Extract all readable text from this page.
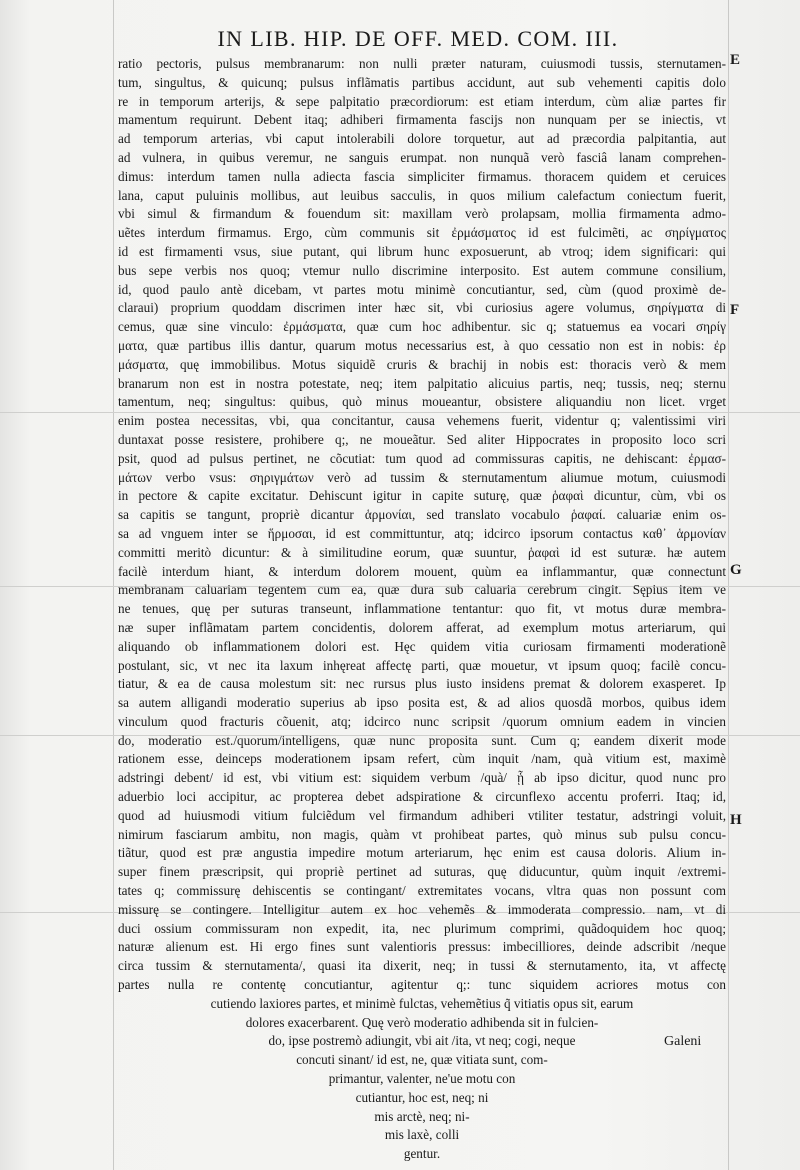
IN LIB. HIP. DE OFF. MED. COM. III.
E
F
G
H
ratio pectoris, pulsus membranarum: non nulli præter naturam, cuiusmodi tussis, sternutamen-
tum, singultus, & quicunq; pulsus inflãmatis partibus accidunt, aut sub vehementi capitis dolo
re in temporum arterijs, & sepe palpitatio præcordiorum: est etiam interdum, cùm aliæ partes fir
mamentum requirunt. Debent itaq; adhiberi firmamenta fascijs non nunquam per se iniectis, vt
ad temporum arterias, vbi caput intolerabili dolore torquetur, aut ad præcordia palpitantia, aut
ad vulnera, in quibus veremur, ne sanguis erumpat. non nunquã verò fasciâ lanam comprehen-
dimus: interdum tamen nulla adiecta fascia simpliciter firmamus. thoracem quidem et ceruices
lana, caput puluinis mollibus, aut leuibus sacculis, in quos milium calefactum coniectum fuerit,
vbi simul & firmandum & fouendum sit: maxillam verò prolapsam, mollia firmamenta admo-
uẽtes interdum firmamus. Ergo, cùm communis sit ἐρμάσματος id est fulcimẽti, ac σηρίγματος
id est firmamenti vsus, siue putant, qui librum hunc exposuerunt, ab vtroq; idem significari: qui
bus sepe verbis nos quoq; vtemur nullo discrimine interposito. Est autem commune consilium,
id, quod paulo antè dicebam, vt partes motu minimè concutiantur, sed, cùm (quod proximè de-
claraui) proprium quoddam discrimen inter hæc sit, vbi curiosius agere volumus, σηρίγματα di
cemus, quæ sine vinculo: ἐρμάσματα, quæ cum hoc adhibentur. sic q; statuemus ea vocari σηρίγ
ματα, quæ partibus illis dantur, quarum motus necessarius est, à quo cessatio non est in nobis: ἐρ
μάσματα, quę immobilibus. Motus siquidẽ cruris & brachij in nobis est: thoracis verò & mem
branarum non est in nostra potestate, neq; item palpitatio alicuius partis, neq; tussis, neq; sternu
tamentum, neq; singultus: quibus, quò minus moueantur, obsistere aliquandiu non licet. vrget
enim postea necessitas, vbi, qua concitantur, causa vehemens fuerit, videntur q; valentissimi viri
duntaxat posse resistere, prohibere q;, ne moueãtur. Sed aliter Hippocrates in proposito loco scri
psit, quod ad pulsus pertinet, ne cõcutiat: tum quod ad commissuras capitis, ne dehiscant: ἐρμασ-
μάτων verbo vsus: σηριγμάτων verò ad tussim & sternutamentum aliumue motum, cuiusmodi
in pectore & capite excitatur. Dehiscunt igitur in capite suturę, quæ ῥαφαὶ dicuntur, cùm, vbi os
sa capitis se tangunt, propriè dicantur ἁρμονίαι, sed translato vocabulo ῥαφαί. caluariæ enim os-
sa ad vnguem inter se ἥρμοσαι, id est committuntur, atq; idcirco ipsorum contactus καθ᾽ ἁρμονίαν
committi meritò dicuntur: & à similitudine eorum, quæ suuntur, ῥαφαὶ id est suturæ. hæ autem
facilè interdum hiant, & interdum dolorem mouent, quùm ea inflammantur, quæ connectunt
membranam caluariam tegentem cum ea, quæ dura sub caluaria cerebrum cingit. Sępius item ve
ne tenues, quę per suturas transeunt, inflammatione tentantur: quo fit, vt motus duræ membra-
næ super inflãmatam partem concidentis, dolorem afferat, ad exemplum motus arteriarum, qui
aliquando ob inflammationem dolori est. Hęc quidem vitia curiosam firmamenti moderationẽ
postulant, sic, vt nec ita laxum inhęreat affectę parti, quæ mouetur, vt ipsum quoq; facilè concu-
tiatur, & ea de causa molestum sit: nec rursus plus iusto insidens premat & dolorem exasperet. Ip
sa autem alligandi moderatio superius ab ipso posita est, & ad alios quosdã morbos, quibus idem
vinculum quod fracturis cõuenit, atq; idcirco nunc scripsit /quorum omnium eadem in vincien
do, moderatio est./quorum/intelligens, quæ nunc proposita sunt. Cum q; eandem dixerit mode
rationem esse, deinceps moderationem ipsam refert, cùm inquit /nam, quà vitium est, maximè
adstringi debent/ id est, vbi vitium est: siquidem verbum /quà/ ᾗ ab ipso dicitur, quod nunc pro
aduerbio loci accipitur, ac propterea debet adspiratione & circunflexo accentu proferri. Itaq; id,
quod ad huiusmodi vitium fulciẽdum vel firmandum adhiberi vtiliter testatur, adstringi voluit,
nimirum fasciarum ambitu, non magis, quàm vt prohibeat partes, quò minus sub pulsu concu-
tiãtur, quod est præ angustia impedire motum arteriarum, hęc enim est causa doloris. Alium in-
super finem præscripsit, qui propriè pertinet ad suturas, quę diducuntur, quùm inquit /extremi-
tates q; commissurę dehiscentis se contingant/ extremitates vocans, vltra quas non possunt com
missurę se contingere. Intelligitur autem ex hoc vehemẽs & immoderata compressio. nam, vt di
duci ossium commissuram non expedit, ita, nec plurimum comprimi, quãdoquidem hoc quoq;
naturæ alienum est. Hi ergo fines sunt valentioris pressus: imbecilliores, deinde adscribit /neque
circa tussim & sternutamenta/, quasi ita dixerit, neq; in tussi & sternutamento, ita, vt affectę
partes nulla re contentę concutiantur, agitentur q;: tunc siquidem acriores motus con
cutiendo laxiores partes, et minimè fulctas, vehemẽtius q̃ vitiatis opus sit, earum
dolores exacerbarent. Quę verò moderatio adhibenda sit in fulcien-
do, ipse postremò adiungit, vbi ait /ita, vt neq; cogi, neque
concuti sinant/ id est, ne, quæ vitiata sunt, com-
primantur, valenter, ne'ue motu con
cutiantur, hoc est, neq; ni
mis arctè, neq; ni-
mis laxè, colli
gentur.
Galeni
